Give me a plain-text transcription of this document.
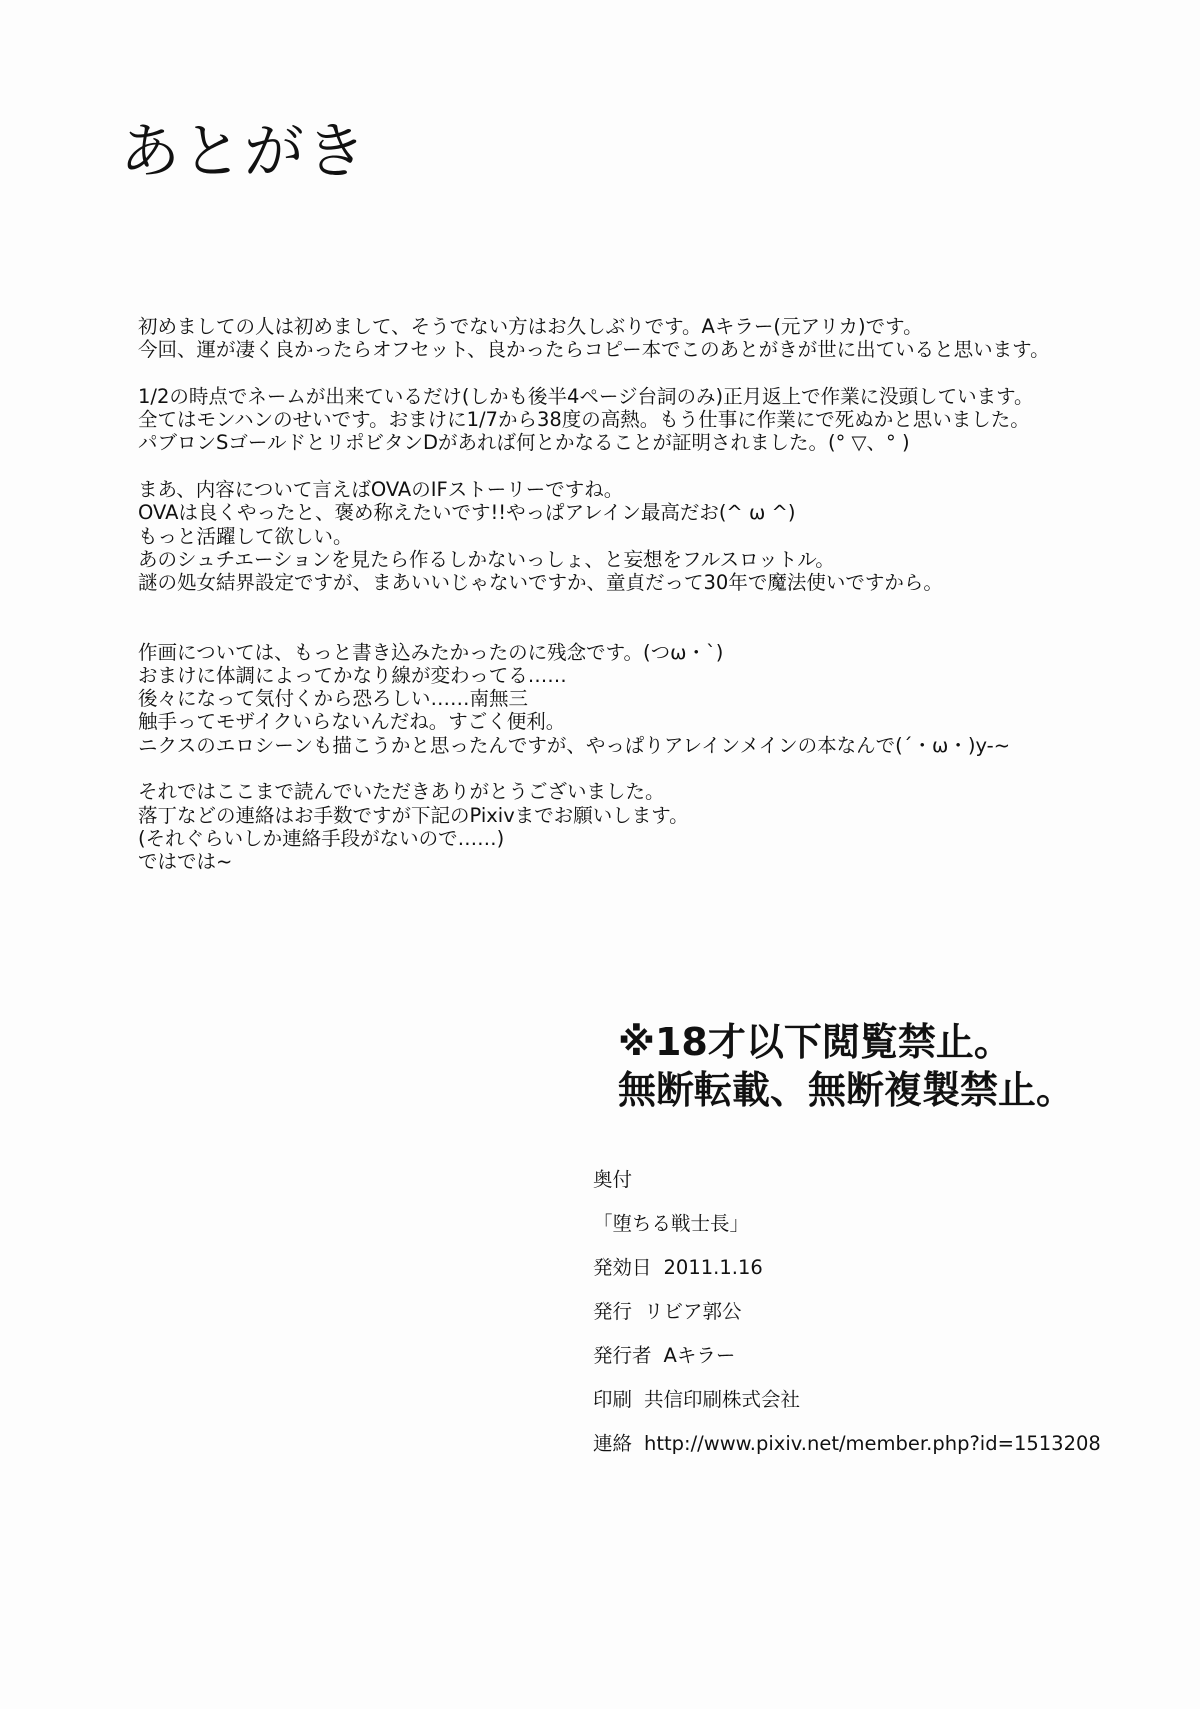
あとがき

初めましての人は初めまして、そうでない方はお久しぶりです。Aキラー(元アリカ)です。
今回、運が凄く良かったらオフセット、良かったらコピー本でこのあとがきが世に出ていると思います。

1/2の時点でネームが出来ているだけ(しかも後半4ページ台詞のみ)正月返上で作業に没頭しています。
全てはモンハンのせいです。おまけに1/7から38度の高熱。もう仕事に作業にで死ぬかと思いました。
パブロンSゴールドとリポビタンDがあれば何とかなることが証明されました。(° ▽、° )

まあ、内容について言えばOVAのIFストーリーですね。
OVAは良くやったと、褒め称えたいです!!やっぱアレイン最高だお(^ ω ^)
もっと活躍して欲しい。
あのシュチエーションを見たら作るしかないっしょ、と妄想をフルスロットル。
謎の処女結界設定ですが、まあいいじゃないですか、童貞だって30年で魔法使いですから。

作画については、もっと書き込みたかったのに残念です。(つω・`)
おまけに体調によってかなり線が変わってる……
後々になって気付くから恐ろしい……南無三
触手ってモザイクいらないんだね。すごく便利。
ニクスのエロシーンも描こうかと思ったんですが、やっぱりアレインメインの本なんで(´・ω・)y-~

それではここまで読んでいただきありがとうございました。
落丁などの連絡はお手数ですが下記のPixivまでお願いします。
(それぐらいしか連絡手段がないので……)
ではでは~

※18才以下閲覧禁止。
無断転載、無断複製禁止。
奥付
「堕ちる戦士長」
発効日 2011.1.16
発行 リビア郭公
発行者 Aキラー
印刷 共信印刷株式会社
連絡 http://www.pixiv.net/member.php?id=1513208
